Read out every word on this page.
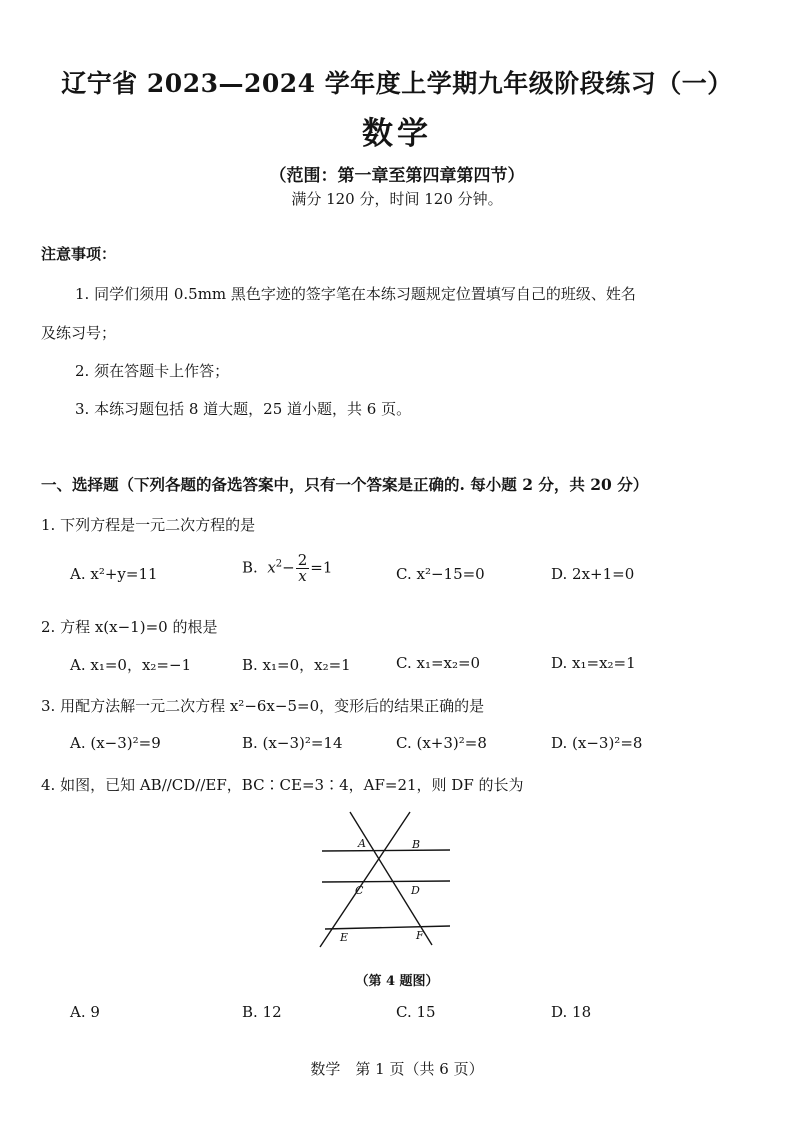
辽宁省 2023—2024 学年度上学期九年级阶段练习（一）
数学
（范围：第一章至第四章第四节）
满分 120 分，时间 120 分钟。
注意事项：
1. 同学们须用 0.5mm 黑色字迹的签字笔在本练习题规定位置填写自己的班级、姓名
及练习号；
2. 须在答题卡上作答；
3. 本练习题包括 8 道大题，25 道小题，共 6 页。
一、选择题（下列各题的备选答案中，只有一个答案是正确的. 每小题 2 分，共 20 分）
1. 下列方程是一元二次方程的是
A. x²+y=11	B.  $x^2- \frac{2}{x} =1$	C. x²−15=0	D. 2x+1=0
2. 方程 x(x−1)=0 的根是
A. x₁=0，x₂=−1	B. x₁=0，x₂=1	C. x₁=x₂=0	D. x₁=x₂=1
3. 用配方法解一元二次方程 x²−6x−5=0，变形后的结果正确的是
A. (x−3)²=9	B. (x−3)²=14	C. (x+3)²=8	D. (x−3)²=8
4. 如图，已知 AB//CD//EF，BC∶CE=3∶4，AF=21，则 DF 的长为
A	B
C	D
E	F
（第 4 题图）
A. 9	B. 12	C. 15	D. 18
数学　第 1 页（共 6 页）
